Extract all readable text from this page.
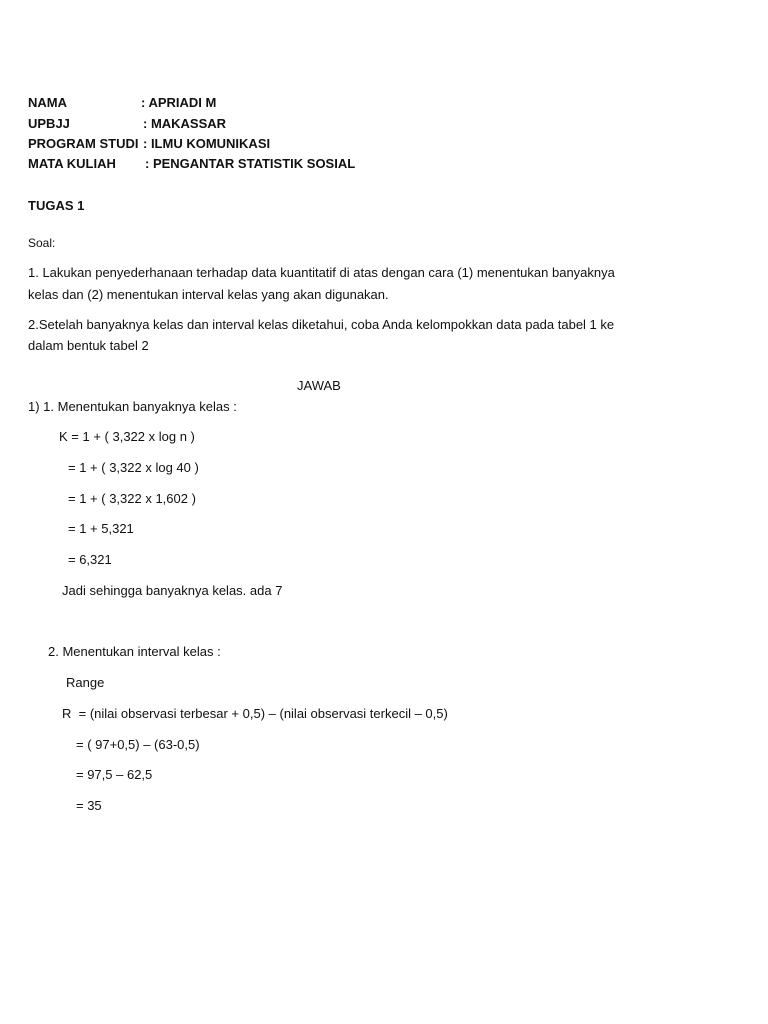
NAMA

	: APRIADI M

UPBJJ

	: MAKASSAR

PROGRAM STUDI

: ILMU KOMUNIKASI

MATA KULIAH

: PENGANTAR STATISTIK SOSIAL

TUGAS 1
Soal:
1. Lakukan penyederhanaan terhadap data kuantitatif di atas dengan cara (1) menentukan banyaknya
kelas dan (2) menentukan interval kelas yang akan digunakan.
2.Setelah banyaknya kelas dan interval kelas diketahui, coba Anda kelompokkan data pada tabel 1 ke
dalam bentuk tabel 2
JAWAB
1) 1. Menentukan banyaknya kelas :
K = 1 + ( 3,322 x log n )
= 1 + ( 3,322 x log 40 )
= 1 + ( 3,322 x 1,602 )
= 1 + 5,321
= 6,321
Jadi sehingga banyaknya kelas. ada 7
2. Menentukan interval kelas :
Range
R  = (nilai observasi terbesar + 0,5) – (nilai observasi terkecil – 0,5)
= ( 97+0,5) – (63-0,5)
= 97,5 – 62,5
= 35
